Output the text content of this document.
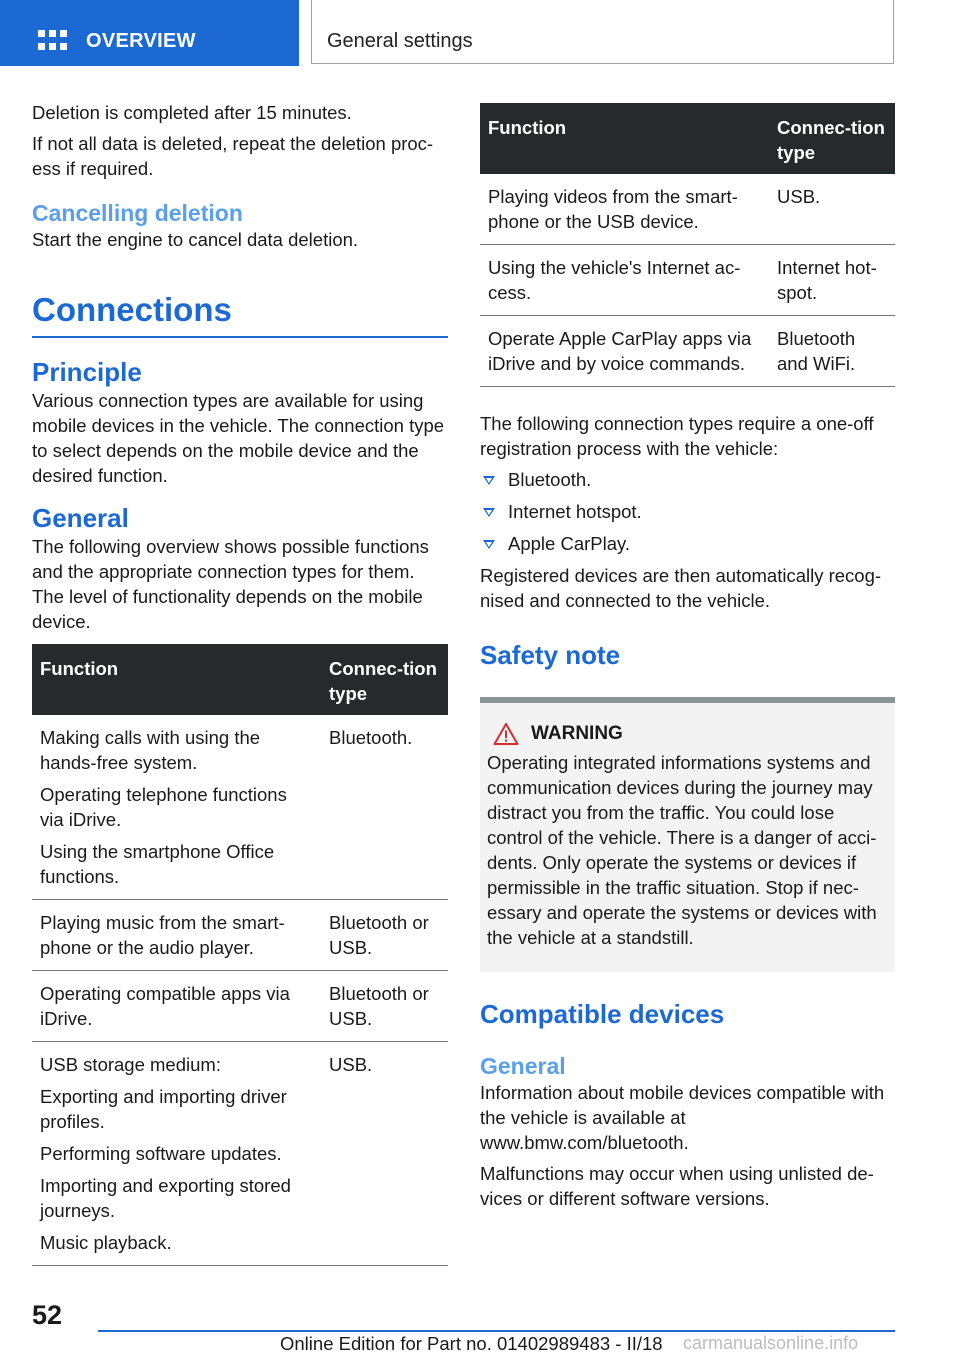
OVERVIEW	General settings

Deletion is completed after 15 minutes.

If not all data is deleted, repeat the deletion proc-ess if required.

Cancelling deletion

Start the engine to cancel data deletion.

Connections
Principle

Various connection types are available for using mobile devices in the vehicle. The connection type to select depends on the mobile device and the desired function.

General

The following overview shows possible functions and the appropriate connection types for them. The level of functionality depends on the mobile device.

Function	Connec-tion type

Making calls with using the hands-free system.
Operating telephone functions via iDrive.
Using the smartphone Office functions.	Bluetooth.
Playing music from the smart-phone or the audio player.	Bluetooth or USB.
Operating compatible apps via iDrive.	Bluetooth or USB.

USB storage medium:
Exporting and importing driver profiles.
Performing software updates.
Importing and exporting stored journeys.
Music playback.	USB.
Function	Connec-tion type
Playing videos from the smart-phone or the USB device.	USB.
Using the vehicle's Internet ac-cess.	Internet hot-spot.
Operate Apple CarPlay apps via iDrive and by voice commands.	Bluetooth and WiFi.

The following connection types require a one-off registration process with the vehicle:

Bluetooth.
Internet hotspot.
Apple CarPlay.

Registered devices are then automatically recog-nised and connected to the vehicle.

Safety note
WARNING

Operating integrated informations systems and communication devices during the journey may distract you from the traffic. You could lose control of the vehicle. There is a danger of acci-dents. Only operate the systems or devices if permissible in the traffic situation. Stop if nec-essary and operate the systems or devices with the vehicle at a standstill.

Compatible devices
General

Information about mobile devices compatible with the vehicle is available at www.bmw.com/bluetooth.

Malfunctions may occur when using unlisted de-vices or different software versions.

52
Online Edition for Part no. 01402989483 - II/18 carmanualsonline.info
